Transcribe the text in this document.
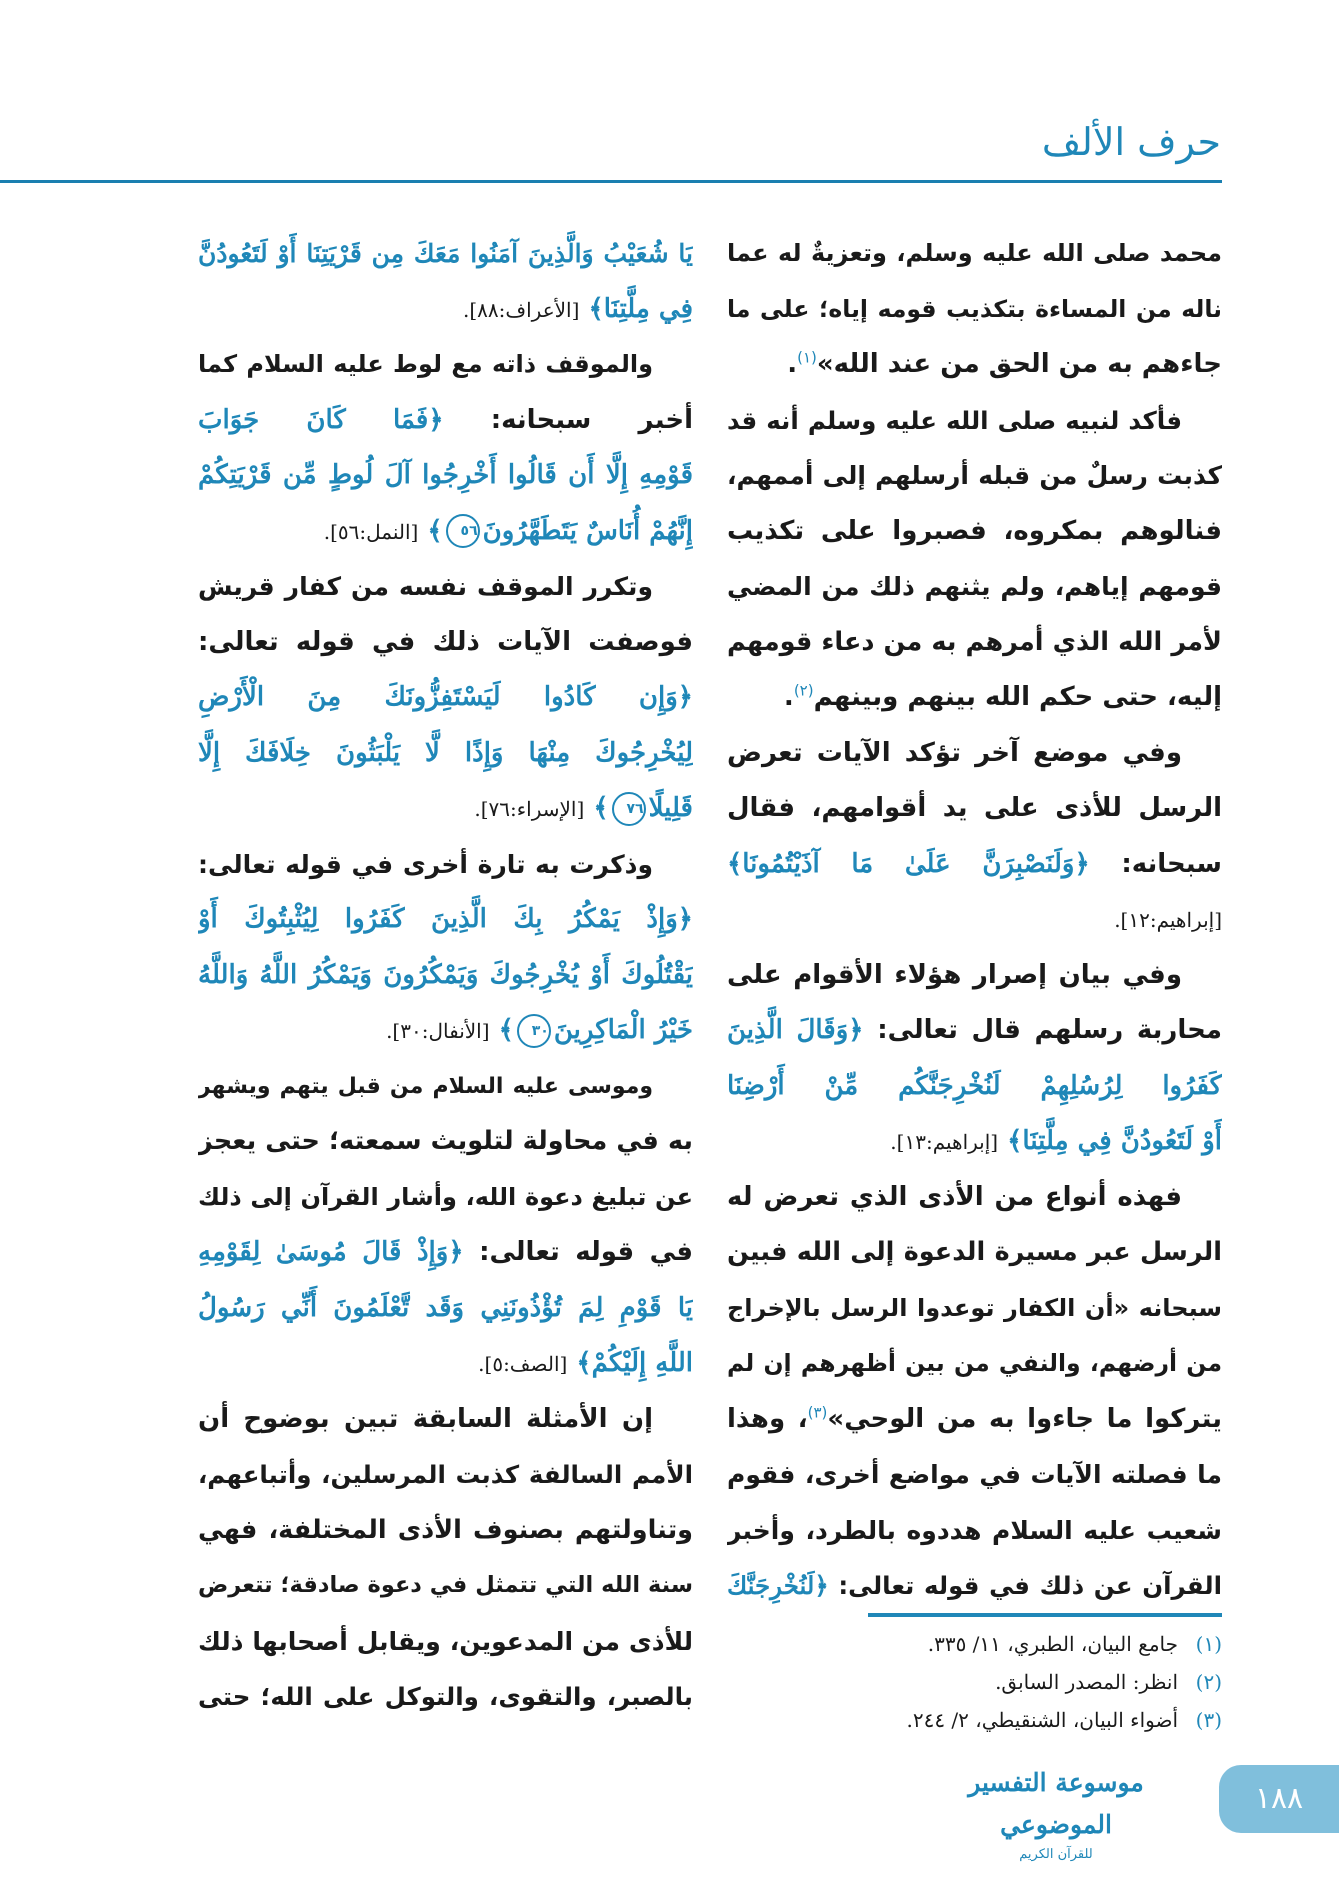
حرف الألف
يَا شُعَيْبُ وَالَّذِينَ آمَنُوا مَعَكَ مِن قَرْيَتِنَا أَوْ لَتَعُودُنَّ
فِي مِلَّتِنَا﴾ [الأعراف:٨٨].
والموقف ذاته مع لوط عليه السلام كما
أخبر سبحانه: ﴿فَمَا كَانَ جَوَابَ
قَوْمِهِ إِلَّا أَن قَالُوا أَخْرِجُوا آلَ لُوطٍ مِّن قَرْيَتِكُمْ
إِنَّهُمْ أُنَاسٌ يَتَطَهَّرُونَ٥٦﴾ [النمل:٥٦].
وتكرر الموقف نفسه من كفار قريش
فوصفت الآيات ذلك في قوله تعالى:
﴿وَإِن كَادُوا لَيَسْتَفِزُّونَكَ مِنَ الْأَرْضِ
لِيُخْرِجُوكَ مِنْهَا وَإِذًا لَّا يَلْبَثُونَ خِلَافَكَ إِلَّا
قَلِيلًا٧٦﴾ [الإسراء:٧٦].
وذكرت به تارة أخرى في قوله تعالى:
﴿وَإِذْ يَمْكُرُ بِكَ الَّذِينَ كَفَرُوا لِيُثْبِتُوكَ أَوْ
يَقْتُلُوكَ أَوْ يُخْرِجُوكَ وَيَمْكُرُونَ وَيَمْكُرُ اللَّهُ وَاللَّهُ
خَيْرُ الْمَاكِرِينَ٣٠﴾ [الأنفال:٣٠].
وموسى عليه السلام من قبل يتهم ويشهر
به في محاولة لتلويث سمعته؛ حتى يعجز
عن تبليغ دعوة الله، وأشار القرآن إلى ذلك
في قوله تعالى: ﴿وَإِذْ قَالَ مُوسَىٰ لِقَوْمِهِ
يَا قَوْمِ لِمَ تُؤْذُونَنِي وَقَد تَّعْلَمُونَ أَنِّي رَسُولُ
اللَّهِ إِلَيْكُمْ﴾ [الصف:٥].
إن الأمثلة السابقة تبين بوضوح أن
الأمم السالفة كذبت المرسلين، وأتباعهم،
وتناولتهم بصنوف الأذى المختلفة، فهي
سنة الله التي تتمثل في دعوة صادقة؛ تتعرض
للأذى من المدعوين، ويقابل أصحابها ذلك
بالصبر، والتقوى، والتوكل على الله؛ حتى
محمد صلى الله عليه وسلم، وتعزيةٌ له عما
ناله من المساءة بتكذيب قومه إياه؛ على ما
جاءهم به من الحق من عند الله»$^{(١)}$.
فأكد لنبيه صلى الله عليه وسلم أنه قد
كذبت رسلٌ من قبله أرسلهم إلى أممهم،
فنالوهم بمكروه، فصبروا على تكذيب
قومهم إياهم، ولم يثنهم ذلك من المضي
لأمر الله الذي أمرهم به من دعاء قومهم
إليه، حتى حكم الله بينهم وبينهم$^{(٢)}$.
وفي موضع آخر تؤكد الآيات تعرض
الرسل للأذى على يد أقوامهم، فقال
سبحانه: ﴿وَلَنَصْبِرَنَّ عَلَىٰ مَا آذَيْتُمُونَا﴾
[إبراهيم:١٢].
وفي بيان إصرار هؤلاء الأقوام على
محاربة رسلهم قال تعالى: ﴿وَقَالَ الَّذِينَ
كَفَرُوا لِرُسُلِهِمْ لَنُخْرِجَنَّكُم مِّنْ أَرْضِنَا
أَوْ لَتَعُودُنَّ فِي مِلَّتِنَا﴾ [إبراهيم:١٣].
فهذه أنواع من الأذى الذي تعرض له
الرسل عبر مسيرة الدعوة إلى الله فبين
سبحانه «أن الكفار توعدوا الرسل بالإخراج
من أرضهم، والنفي من بين أظهرهم إن لم
يتركوا ما جاءوا به من الوحي»$^{(٣)}$، وهذا
ما فصلته الآيات في مواضع أخرى، فقوم
شعيب عليه السلام هددوه بالطرد، وأخبر
القرآن عن ذلك في قوله تعالى: ﴿لَنُخْرِجَنَّكَ
(١)جامع البيان، الطبري، ١١/ ٣٣٥.
(٢)انظر: المصدر السابق.
(٣)أضواء البيان، الشنقيطي، ٢/ ٢٤٤.
موسوعة التفسير الموضوعي
للقرآن الكريم
١٨٨
